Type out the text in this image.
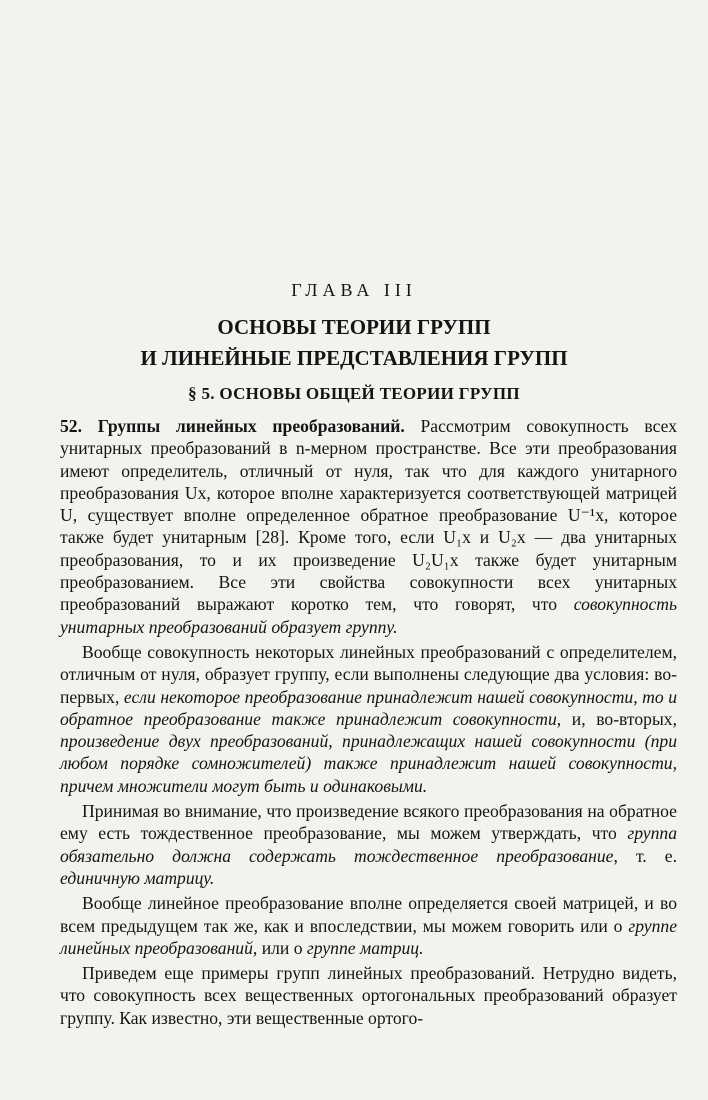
ГЛАВА III
ОСНОВЫ ТЕОРИИ ГРУПП
И ЛИНЕЙНЫЕ ПРЕДСТАВЛЕНИЯ ГРУПП
§ 5. ОСНОВЫ ОБЩЕЙ ТЕОРИИ ГРУПП

52. Группы линейных преобразований. Рассмотрим совокупность всех унитарных преобразований в n-мерном пространстве. Все эти преобразования имеют определитель, отличный от нуля, так что для каждого унитарного преобразования Ux, которое вполне характеризуется соответствующей матрицей U, существует вполне определенное обратное преобразование U⁻¹x, которое также будет унитарным [28]. Кроме того, если U₁x и U₂x — два унитарных преобразования, то и их произведение U₂U₁x также будет унитарным преобразованием. Все эти свойства совокупности всех унитарных преобразований выражают коротко тем, что говорят, что совокупность унитарных преобразований образует группу.

Вообще совокупность некоторых линейных преобразований с определителем, отличным от нуля, образует группу, если выполнены следующие два условия: во-первых, если некоторое преобразование принадлежит нашей совокупности, то и обратное преобразование также принадлежит совокупности, и, во-вторых, произведение двух преобразований, принадлежащих нашей совокупности (при любом порядке сомножителей) также принадлежит нашей совокупности, причем множители могут быть и одинаковыми.

Принимая во внимание, что произведение всякого преобразования на обратное ему есть тождественное преобразование, мы можем утверждать, что группа обязательно должна содержать тождественное преобразование, т. е. единичную матрицу.

Вообще линейное преобразование вполне определяется своей матрицей, и во всем предыдущем так же, как и впоследствии, мы можем говорить или о группе линейных преобразований, или о группе матриц.

Приведем еще примеры групп линейных преобразований. Нетрудно видеть, что совокупность всех вещественных ортогональных преобразований образует группу. Как известно, эти вещественные ортого-
